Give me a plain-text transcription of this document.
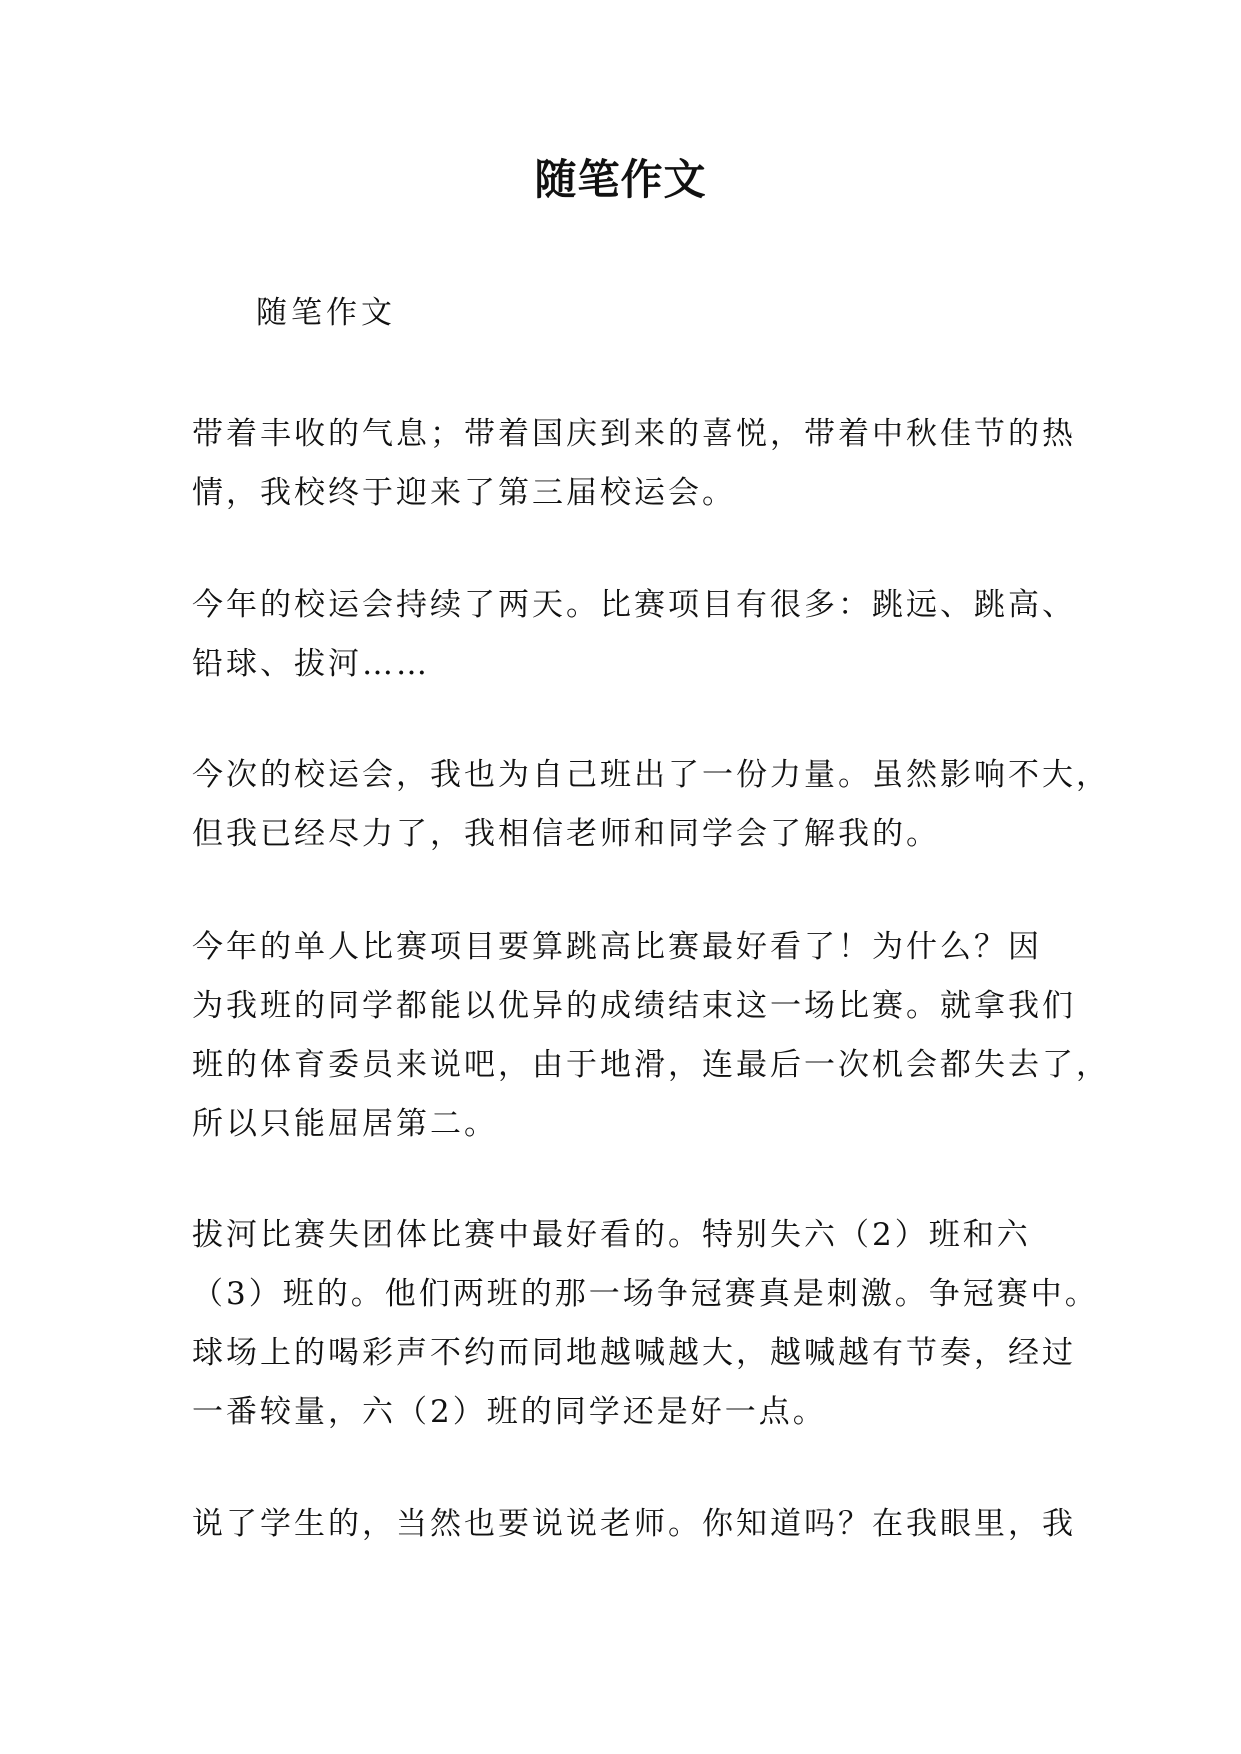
随笔作文
随笔作文
带着丰收的气息；带着国庆到来的喜悦，带着中秋佳节的热
情，我校终于迎来了第三届校运会。
今年的校运会持续了两天。比赛项目有很多：跳远、跳高、
铅球、拔河……
今次的校运会，我也为自己班出了一份力量。虽然影响不大，
但我已经尽力了，我相信老师和同学会了解我的。
今年的单人比赛项目要算跳高比赛最好看了！为什么？因
为我班的同学都能以优异的成绩结束这一场比赛。就拿我们
班的体育委员来说吧，由于地滑，连最后一次机会都失去了，
所以只能屈居第二。
拔河比赛失团体比赛中最好看的。特别失六（2）班和六
（3）班的。他们两班的那一场争冠赛真是刺激。争冠赛中。
球场上的喝彩声不约而同地越喊越大，越喊越有节奏，经过
一番较量，六（2）班的同学还是好一点。
说了学生的，当然也要说说老师。你知道吗？在我眼里，我
